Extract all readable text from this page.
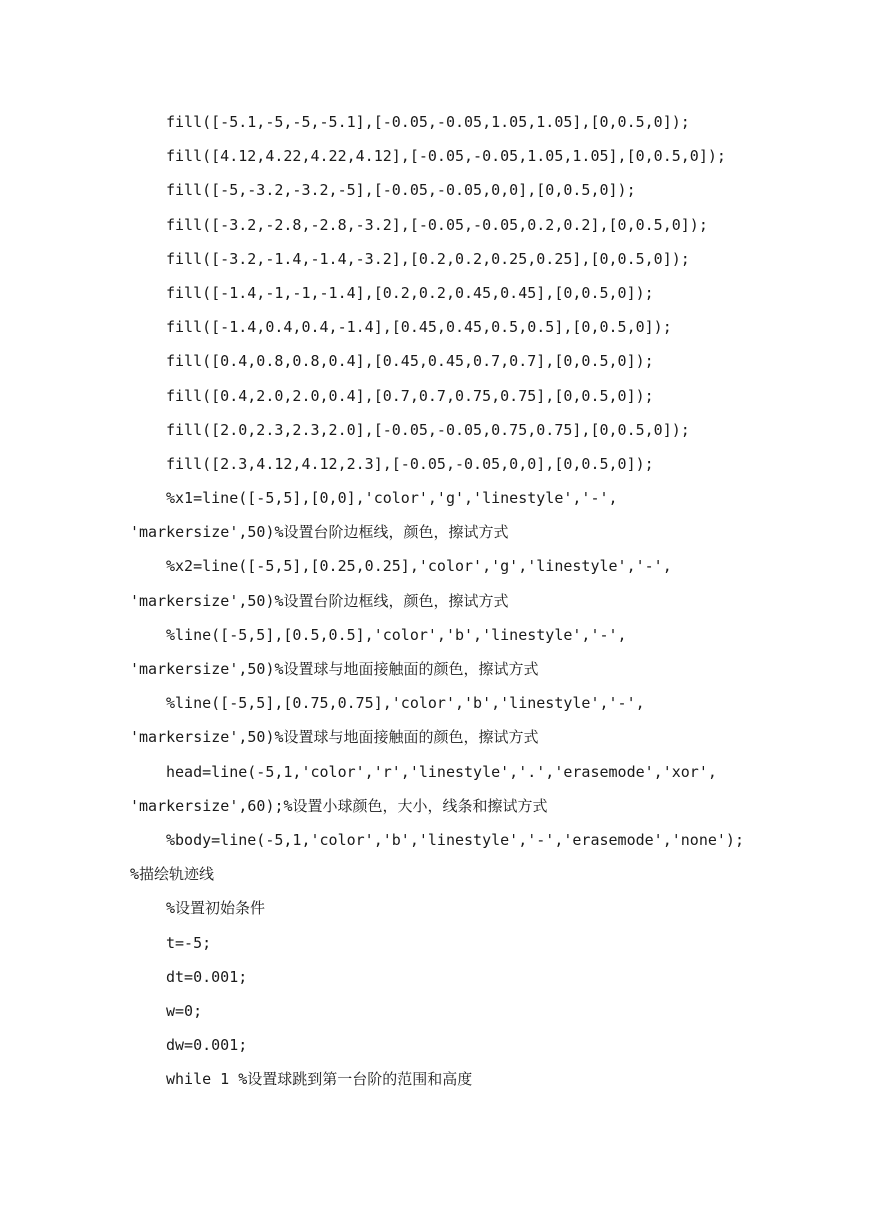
fill([-5.1,-5,-5,-5.1],[-0.05,-0.05,1.05,1.05],[0,0.5,0]);
fill([4.12,4.22,4.22,4.12],[-0.05,-0.05,1.05,1.05],[0,0.5,0]);
fill([-5,-3.2,-3.2,-5],[-0.05,-0.05,0,0],[0,0.5,0]);
fill([-3.2,-2.8,-2.8,-3.2],[-0.05,-0.05,0.2,0.2],[0,0.5,0]);
fill([-3.2,-1.4,-1.4,-3.2],[0.2,0.2,0.25,0.25],[0,0.5,0]);
fill([-1.4,-1,-1,-1.4],[0.2,0.2,0.45,0.45],[0,0.5,0]);
fill([-1.4,0.4,0.4,-1.4],[0.45,0.45,0.5,0.5],[0,0.5,0]);
fill([0.4,0.8,0.8,0.4],[0.45,0.45,0.7,0.7],[0,0.5,0]);
fill([0.4,2.0,2.0,0.4],[0.7,0.7,0.75,0.75],[0,0.5,0]);
fill([2.0,2.3,2.3,2.0],[-0.05,-0.05,0.75,0.75],[0,0.5,0]);
fill([2.3,4.12,4.12,2.3],[-0.05,-0.05,0,0],[0,0.5,0]);
%x1=line([-5,5],[0,0],'color','g','linestyle','-',
'markersize',50)%设置台阶边框线，颜色，擦试方式
%x2=line([-5,5],[0.25,0.25],'color','g','linestyle','-',
'markersize',50)%设置台阶边框线，颜色，擦试方式
%line([-5,5],[0.5,0.5],'color','b','linestyle','-',
'markersize',50)%设置球与地面接触面的颜色，擦试方式
%line([-5,5],[0.75,0.75],'color','b','linestyle','-',
'markersize',50)%设置球与地面接触面的颜色，擦试方式
head=line(-5,1,'color','r','linestyle','.','erasemode','xor',
'markersize',60);%设置小球颜色，大小，线条和擦试方式
%body=line(-5,1,'color','b','linestyle','-','erasemode','none');
%描绘轨迹线
%设置初始条件
t=-5;
dt=0.001;
w=0;
dw=0.001;
while 1 %设置球跳到第一台阶的范围和高度
